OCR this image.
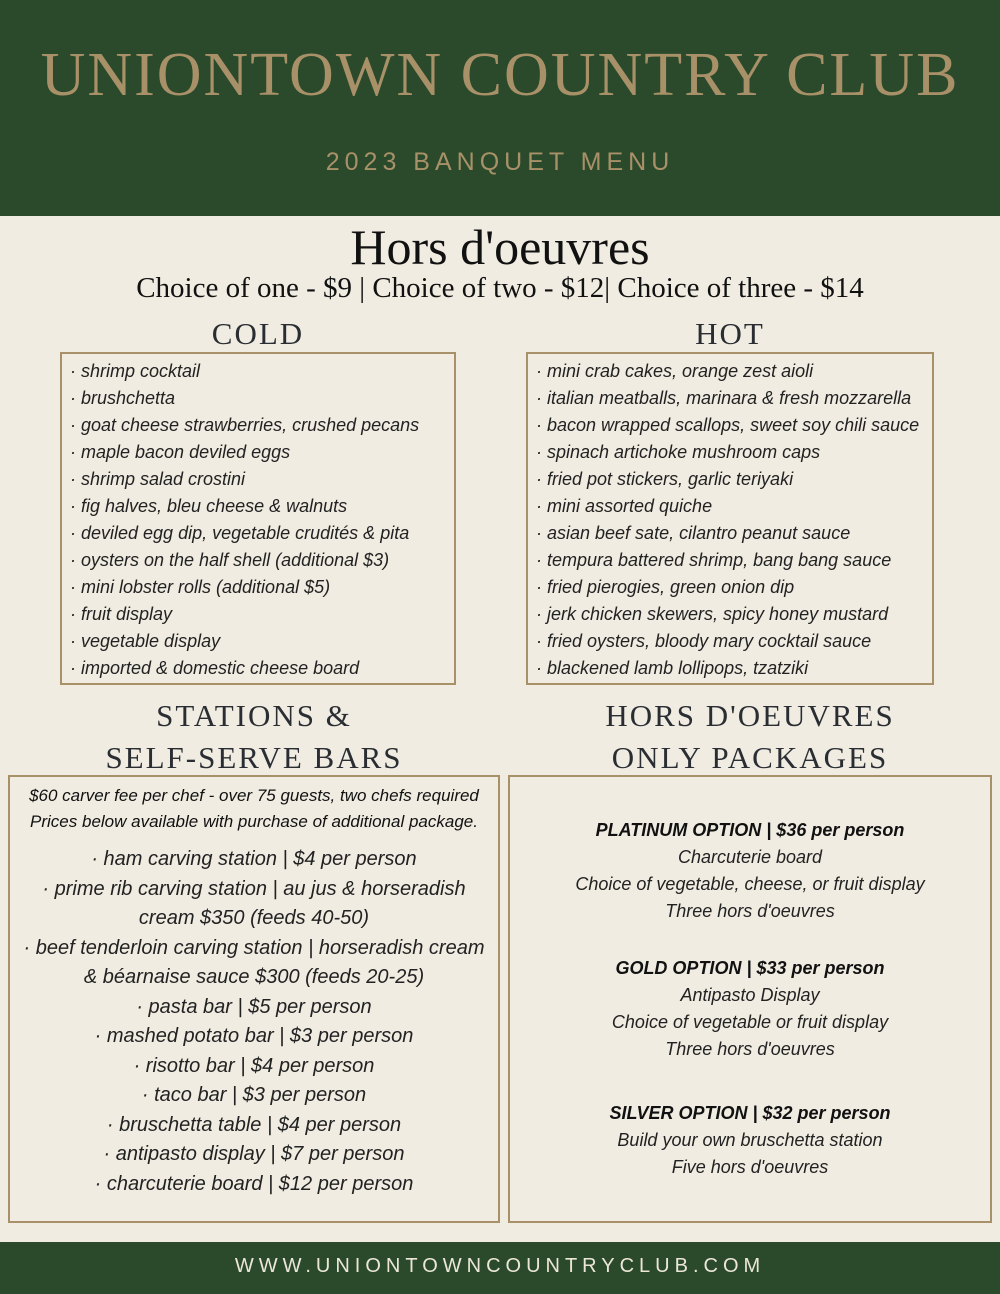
UNIONTOWN COUNTRY CLUB
2023 BANQUET MENU
Hors d'oeuvres
Choice of one - $9 | Choice of two - $12| Choice of three - $14
COLD
· shrimp cocktail
· brushchetta
· goat cheese strawberries, crushed pecans
· maple bacon deviled eggs
· shrimp salad crostini
· fig halves, bleu cheese & walnuts
· deviled egg dip, vegetable crudités & pita
· oysters on the half shell (additional $3)
· mini lobster rolls (additional $5)
· fruit display
· vegetable display
· imported & domestic cheese board
HOT
· mini crab cakes, orange zest aioli
· italian meatballs, marinara & fresh mozzarella
· bacon wrapped scallops, sweet soy chili sauce
· spinach artichoke mushroom caps
· fried pot stickers, garlic teriyaki
· mini assorted quiche
· asian beef sate, cilantro peanut sauce
· tempura battered shrimp, bang bang sauce
· fried pierogies, green onion dip
· jerk chicken skewers, spicy honey mustard
· fried oysters, bloody mary cocktail sauce
· blackened lamb lollipops, tzatziki
STATIONS &
SELF-SERVE BARS
$60 carver fee per chef - over 75 guests, two chefs required
Prices below available with purchase of additional package.
· ham carving station | $4 per person
· prime rib carving station | au jus & horseradish cream $350 (feeds 40-50)
· beef tenderloin carving station | horseradish cream & béarnaise sauce $300 (feeds 20-25)
· pasta bar | $5 per person
· mashed potato bar | $3 per person
· risotto bar | $4 per person
· taco bar | $3 per person
· bruschetta table | $4 per person
· antipasto display | $7 per person
· charcuterie board | $12 per person
HORS D'OEUVRES
ONLY PACKAGES
PLATINUM OPTION | $36 per person
Charcuterie board
Choice of vegetable, cheese, or fruit display
Three hors d'oeuvres
GOLD OPTION | $33 per person
Antipasto Display
Choice of vegetable or fruit display
Three hors d'oeuvres
SILVER OPTION | $32 per person
Build your own bruschetta station
Five hors d'oeuvres
WWW.UNIONTOWNCOUNTRYCLUB.COM
